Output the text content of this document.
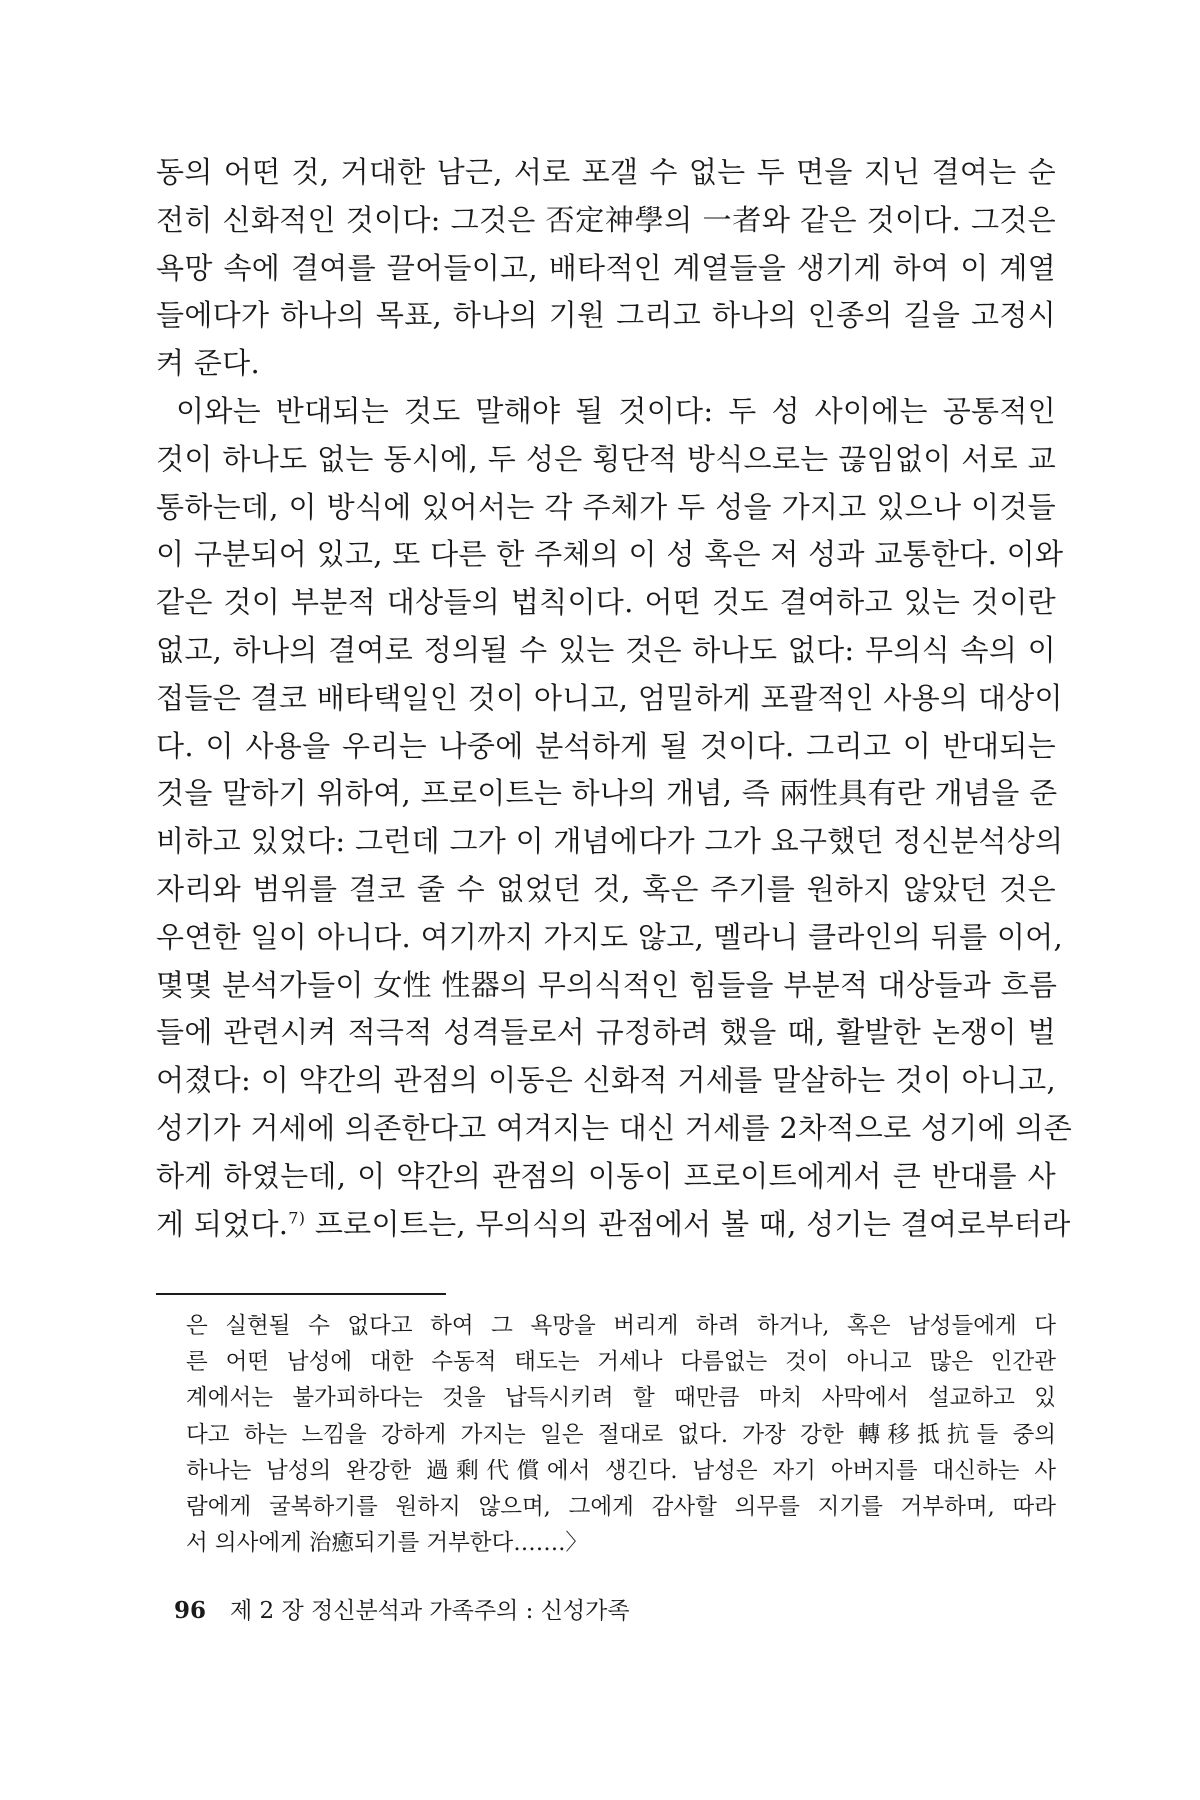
동의 어떤 것, 거대한 남근, 서로 포갤 수 없는 두 면을 지닌 결여는 순
전히 신화적인 것이다: 그것은 否定神學의 一者와 같은 것이다. 그것은
욕망 속에 결여를 끌어들이고, 배타적인 계열들을 생기게 하여 이 계열
들에다가 하나의 목표, 하나의 기원 그리고 하나의 인종의 길을 고정시
켜 준다.
이와는 반대되는 것도 말해야 될 것이다: 두 성 사이에는 공통적인
것이 하나도 없는 동시에, 두 성은 횡단적 방식으로는 끊임없이 서로 교
통하는데, 이 방식에 있어서는 각 주체가 두 성을 가지고 있으나 이것들
이 구분되어 있고, 또 다른 한 주체의 이 성 혹은 저 성과 교통한다. 이와
같은 것이 부분적 대상들의 법칙이다. 어떤 것도 결여하고 있는 것이란
없고, 하나의 결여로 정의될 수 있는 것은 하나도 없다: 무의식 속의 이
접들은 결코 배타택일인 것이 아니고, 엄밀하게 포괄적인 사용의 대상이
다. 이 사용을 우리는 나중에 분석하게 될 것이다. 그리고 이 반대되는
것을 말하기 위하여, 프로이트는 하나의 개념, 즉 兩性具有란 개념을 준
비하고 있었다: 그런데 그가 이 개념에다가 그가 요구했던 정신분석상의
자리와 범위를 결코 줄 수 없었던 것, 혹은 주기를 원하지 않았던 것은
우연한 일이 아니다. 여기까지 가지도 않고, 멜라니 클라인의 뒤를 이어,
몇몇 분석가들이 女性 性器의 무의식적인 힘들을 부분적 대상들과 흐름
들에 관련시켜 적극적 성격들로서 규정하려 했을 때, 활발한 논쟁이 벌
어졌다: 이 약간의 관점의 이동은 신화적 거세를 말살하는 것이 아니고,
성기가 거세에 의존한다고 여겨지는 대신 거세를 2차적으로 성기에 의존
하게 하였는데, 이 약간의 관점의 이동이 프로이트에게서 큰 반대를 사
게 되었다.$^{7)}$ 프로이트는, 무의식의 관점에서 볼 때, 성기는 결여로부터라
은 실현될 수 없다고 하여 그 욕망을 버리게 하려 하거나, 혹은 남성들에게 다
른 어떤 남성에 대한 수동적 태도는 거세나 다름없는 것이 아니고 많은 인간관
계에서는 불가피하다는 것을 납득시키려 할 때만큼 마치 사막에서 설교하고 있
다고 하는 느낌을 강하게 가지는 일은 절대로 없다. 가장 강한 轉移抵抗들 중의
하나는 남성의 완강한 過剩代償에서 생긴다. 남성은 자기 아버지를 대신하는 사
람에게 굴복하기를 원하지 않으며, 그에게 감사할 의무를 지기를 거부하며, 따라
서 의사에게 治癒되기를 거부한다…….〉
96 제 2 장 정신분석과 가족주의 : 신성가족
